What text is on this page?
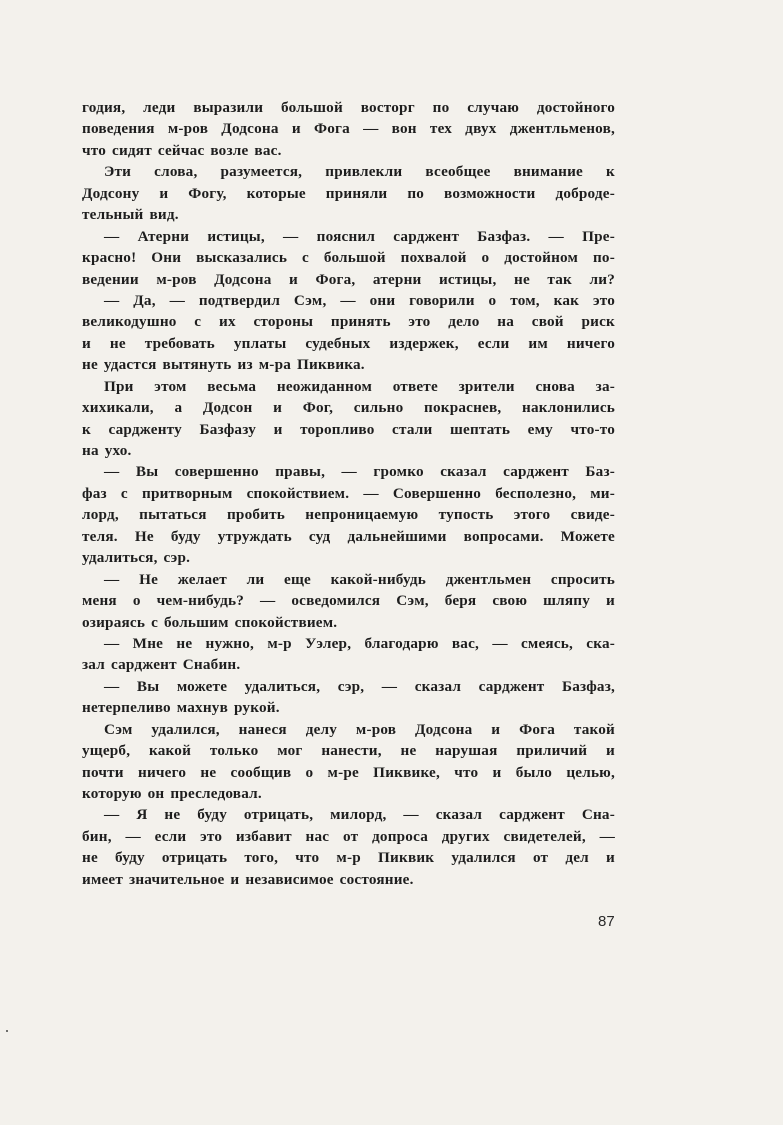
годия, леди выразили большой восторг по случаю достойного
поведения м-ров Додсона и Фога — вон тех двух джентльменов,
что сидят сейчас возле вас.
Эти слова, разумеется, привлекли всеобщее внимание к
Додсону и Фогу, которые приняли по возможности доброде-
тельный вид.
— Атерни истицы, — пояснил сарджент Базфаз. — Пре-
красно! Они высказались с большой похвалой о достойном по-
ведении м-ров Додсона и Фога, атерни истицы, не так ли?
— Да, — подтвердил Сэм, — они говорили о том, как это
великодушно с их стороны принять это дело на свой риск
и не требовать уплаты судебных издержек, если им ничего
не удастся вытянуть из м-ра Пиквика.
При этом весьма неожиданном ответе зрители снова за-
хихикали, а Додсон и Фог, сильно покраснев, наклонились
к сардженту Базфазу и торопливо стали шептать ему что-то
на ухо.
— Вы совершенно правы, — громко сказал сарджент Баз-
фаз с притворным спокойствием. — Совершенно бесполезно, ми-
лорд, пытаться пробить непроницаемую тупость этого свиде-
теля. Не буду утруждать суд дальнейшими вопросами. Можете
удалиться, сэр.
— Не желает ли еще какой-нибудь джентльмен спросить
меня о чем-нибудь? — осведомился Сэм, беря свою шляпу и
озираясь с большим спокойствием.
— Мне не нужно, м-р Уэлер, благодарю вас, — смеясь, ска-
зал сарджент Снабин.
— Вы можете удалиться, сэр, — сказал сарджент Базфаз,
нетерпеливо махнув рукой.
Сэм удалился, нанеся делу м-ров Додсона и Фога такой
ущерб, какой только мог нанести, не нарушая приличий и
почти ничего не сообщив о м-ре Пиквике, что и было целью,
которую он преследовал.
— Я не буду отрицать, милорд, — сказал сарджент Сна-
бин, — если это избавит нас от допроса других свидетелей, —
не буду отрицать того, что м-р Пиквик удалился от дел и
имеет значительное и независимое состояние.
87
